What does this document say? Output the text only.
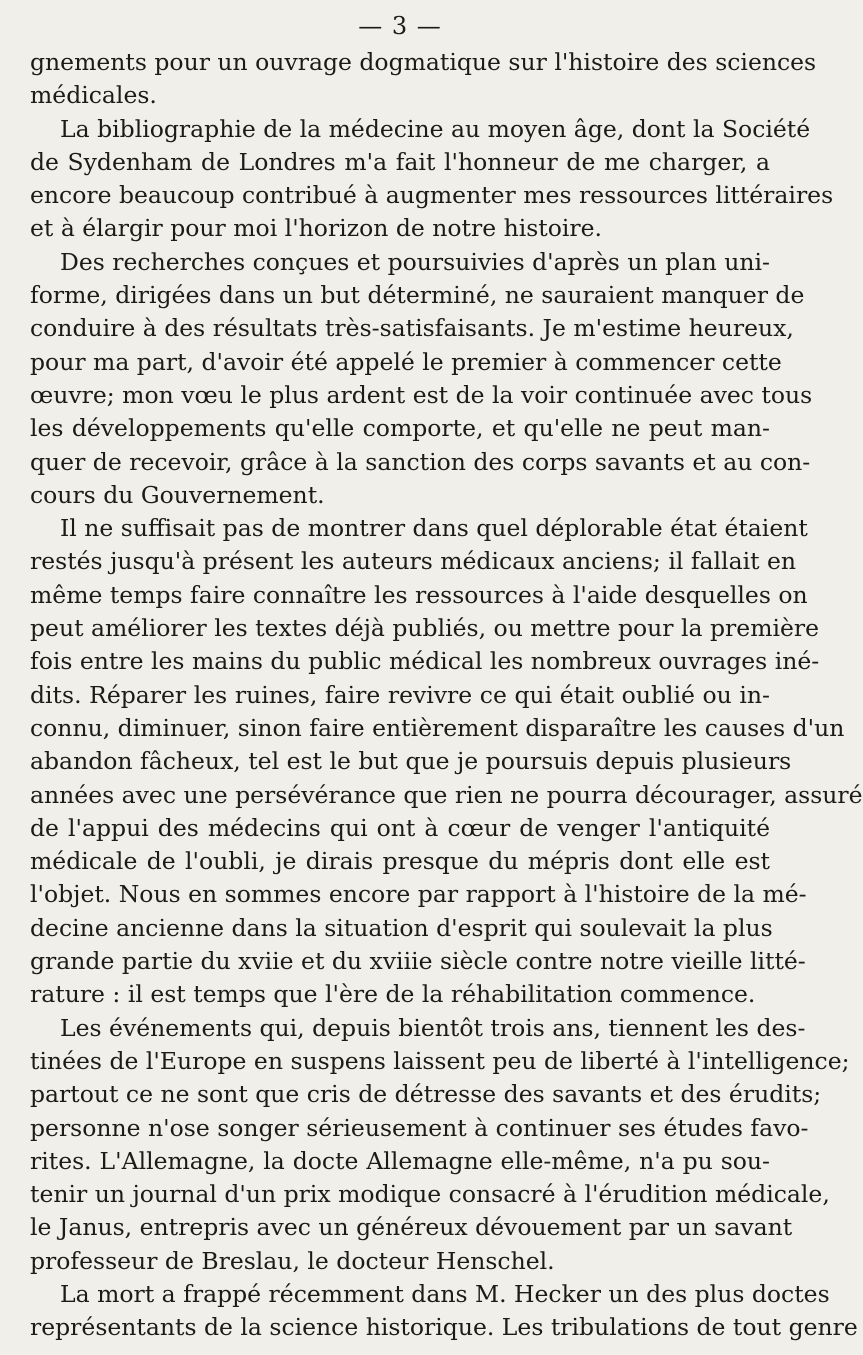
— 3 —
gnements pour un ouvrage dogmatique sur l'histoire des sciences
médicales.
La bibliographie de la médecine au moyen âge, dont la Société
de Sydenham de Londres m'a fait l'honneur de me charger, a
encore beaucoup contribué à augmenter mes ressources littéraires
et à élargir pour moi l'horizon de notre histoire.
Des recherches conçues et poursuivies d'après un plan uni-
forme, dirigées dans un but déterminé, ne sauraient manquer de
conduire à des résultats très-satisfaisants. Je m'estime heureux,
pour ma part, d'avoir été appelé le premier à commencer cette
œuvre; mon vœu le plus ardent est de la voir continuée avec tous
les développements qu'elle comporte, et qu'elle ne peut man-
quer de recevoir, grâce à la sanction des corps savants et au con-
cours du Gouvernement.
Il ne suffisait pas de montrer dans quel déplorable état étaient
restés jusqu'à présent les auteurs médicaux anciens; il fallait en
même temps faire connaître les ressources à l'aide desquelles on
peut améliorer les textes déjà publiés, ou mettre pour la première
fois entre les mains du public médical les nombreux ouvrages iné-
dits. Réparer les ruines, faire revivre ce qui était oublié ou in-
connu, diminuer, sinon faire entièrement disparaître les causes d'un
abandon fâcheux, tel est le but que je poursuis depuis plusieurs
années avec une persévérance que rien ne pourra décourager, assuré
de l'appui des médecins qui ont à cœur de venger l'antiquité
médicale de l'oubli, je dirais presque du mépris dont elle est
l'objet. Nous en sommes encore par rapport à l'histoire de la mé-
decine ancienne dans la situation d'esprit qui soulevait la plus
grande partie du xviie et du xviiie siècle contre notre vieille litté-
rature : il est temps que l'ère de la réhabilitation commence.
Les événements qui, depuis bientôt trois ans, tiennent les des-
tinées de l'Europe en suspens laissent peu de liberté à l'intelligence;
partout ce ne sont que cris de détresse des savants et des érudits;
personne n'ose songer sérieusement à continuer ses études favo-
rites. L'Allemagne, la docte Allemagne elle-même, n'a pu sou-
tenir un journal d'un prix modique consacré à l'érudition médicale,
le Janus, entrepris avec un généreux dévouement par un savant
professeur de Breslau, le docteur Henschel.
La mort a frappé récemment dans M. Hecker un des plus doctes
représentants de la science historique. Les tribulations de tout genre
